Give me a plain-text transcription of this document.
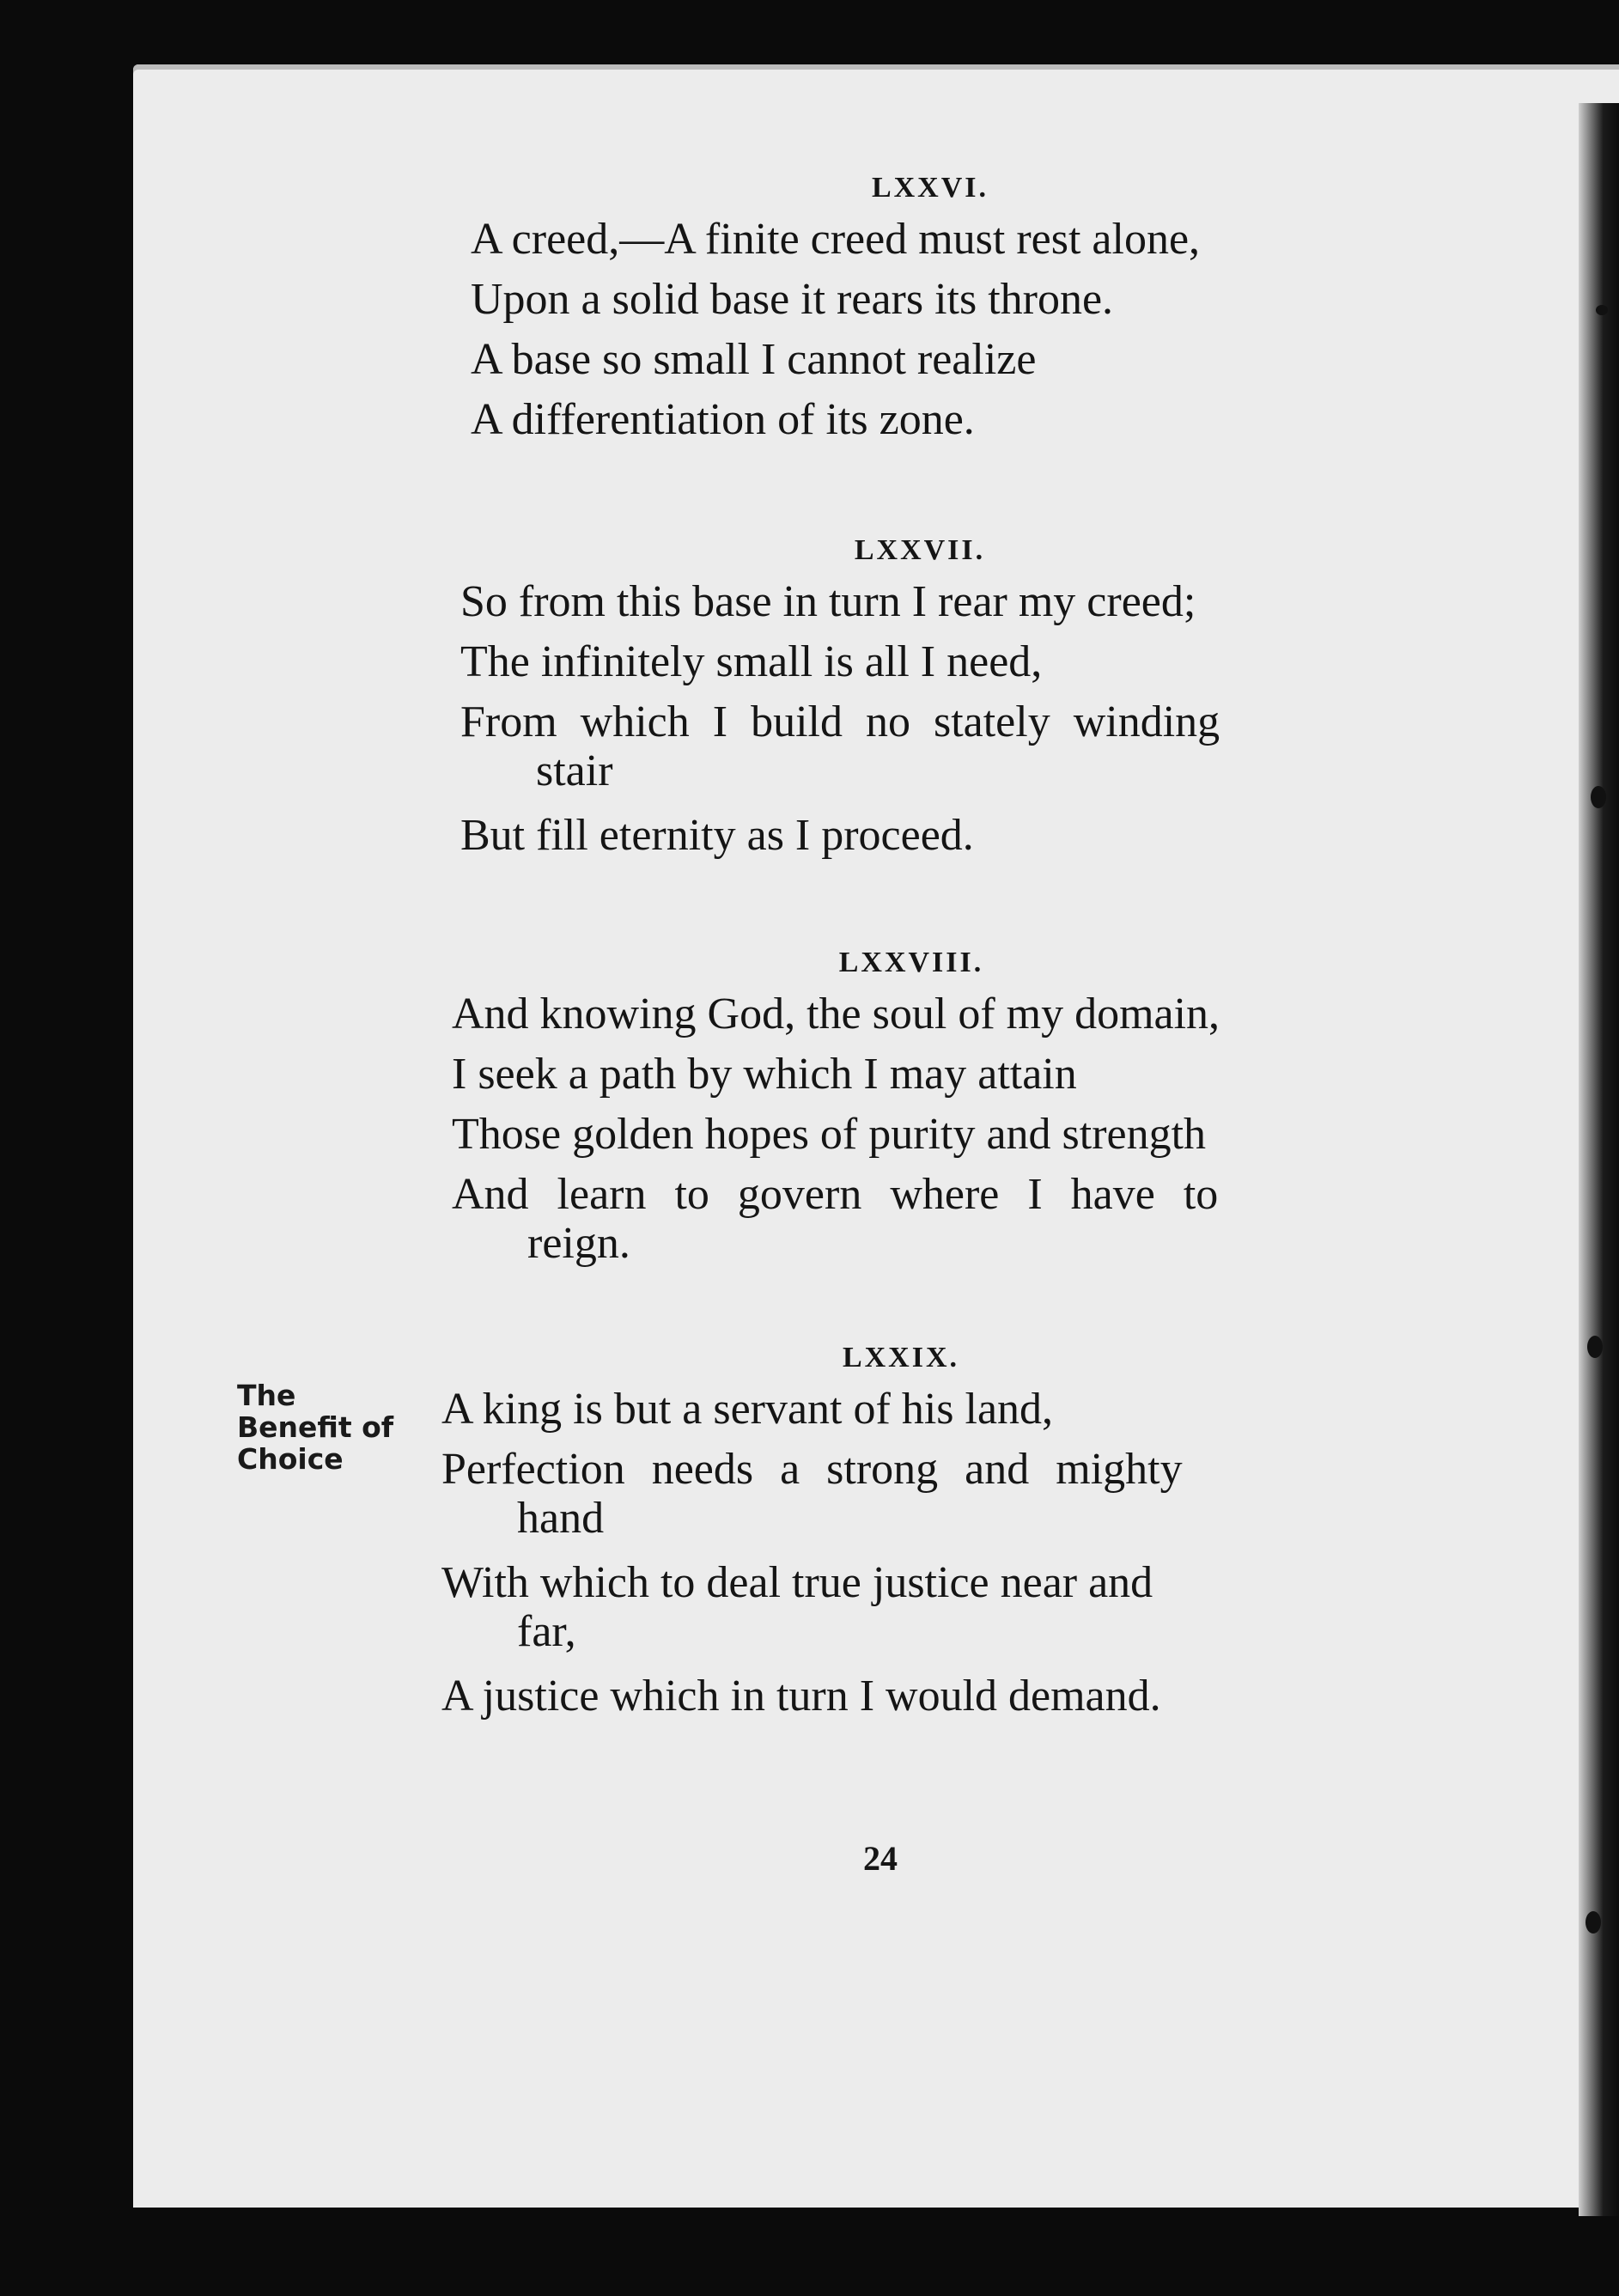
LXXVI.

A creed,—A finite creed must rest alone,

Upon a solid base it rears its throne.

A base so small I cannot realize

A differentiation of its zone.

LXXVII.

So from this base in turn I rear my creed;

The infinitely small is all I need,

From which I build no stately winding

stair

But fill eternity as I proceed.

LXXVIII.

And knowing God, the soul of my domain,

I seek a path by which I may attain

Those golden hopes of purity and strength

And learn to govern where I have to

reign.

LXXIX.

A king is but a servant of his land,

Perfection needs a strong and mighty

hand

With which to deal true justice near and

far,

A justice which in turn I would demand.

The
Benefit of
Choice
24
